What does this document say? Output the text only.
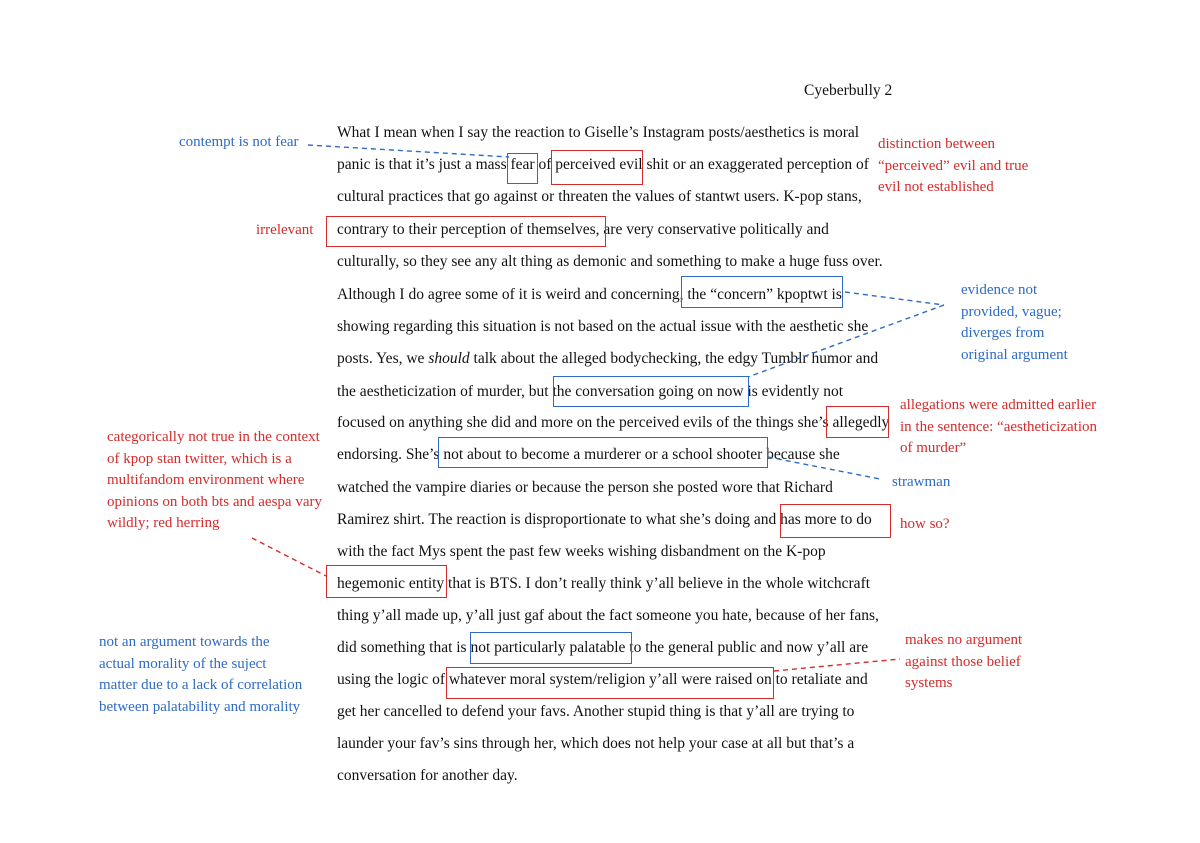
Cyeberbully 2
What I mean when I say the reaction to Giselle’s Instagram posts/aesthetics is moral
panic is that it’s just a mass fear of perceived evil shit or an exaggerated perception of
cultural practices that go against or threaten the values of stantwt users. K-pop stans,
contrary to their perception of themselves, are very conservative politically and
culturally, so they see any alt thing as demonic and something to make a huge fuss over.
Although I do agree some of it is weird and concerning, the “concern” kpoptwt is
showing regarding this situation is not based on the actual issue with the aesthetic she
posts. Yes, we should talk about the alleged bodychecking, the edgy Tumblr humor and
the aestheticization of murder, but the conversation going on now is evidently not
focused on anything she did and more on the perceived evils of the things she’s allegedly
endorsing. She’s not about to become a murderer or a school shooter because she
watched the vampire diaries or because the person she posted wore that Richard
Ramirez shirt. The reaction is disproportionate to what she’s doing and has more to do
with the fact Mys spent the past few weeks wishing disbandment on the K-pop
hegemonic entity that is BTS. I don’t really think y’all believe in the whole witchcraft
thing y’all made up, y’all just gaf about the fact someone you hate, because of her fans,
did something that is not particularly palatable to the general public and now y’all are
using the logic of whatever moral system/religion y’all were raised on to retaliate and
get her cancelled to defend your favs. Another stupid thing is that y’all are trying to
launder your fav’s sins through her, which does not help your case at all but that’s a
conversation for another day.
contempt is not fear	distinction between
“perceived” evil and true
evil not established
irrelevant
evidence not
provided, vague;
diverges from
original argument
allegations were admitted earlier
in the sentence: “aestheticization
of murder”
categorically not true in the context
of kpop stan twitter, which is a
multifandom environment where
opinions on both bts and aespa vary
wildly; red herring
strawman
how so?
not an argument towards the
actual morality of the suject
matter due to a lack of correlation
between palatability and morality
makes no argument
against those belief
systems
